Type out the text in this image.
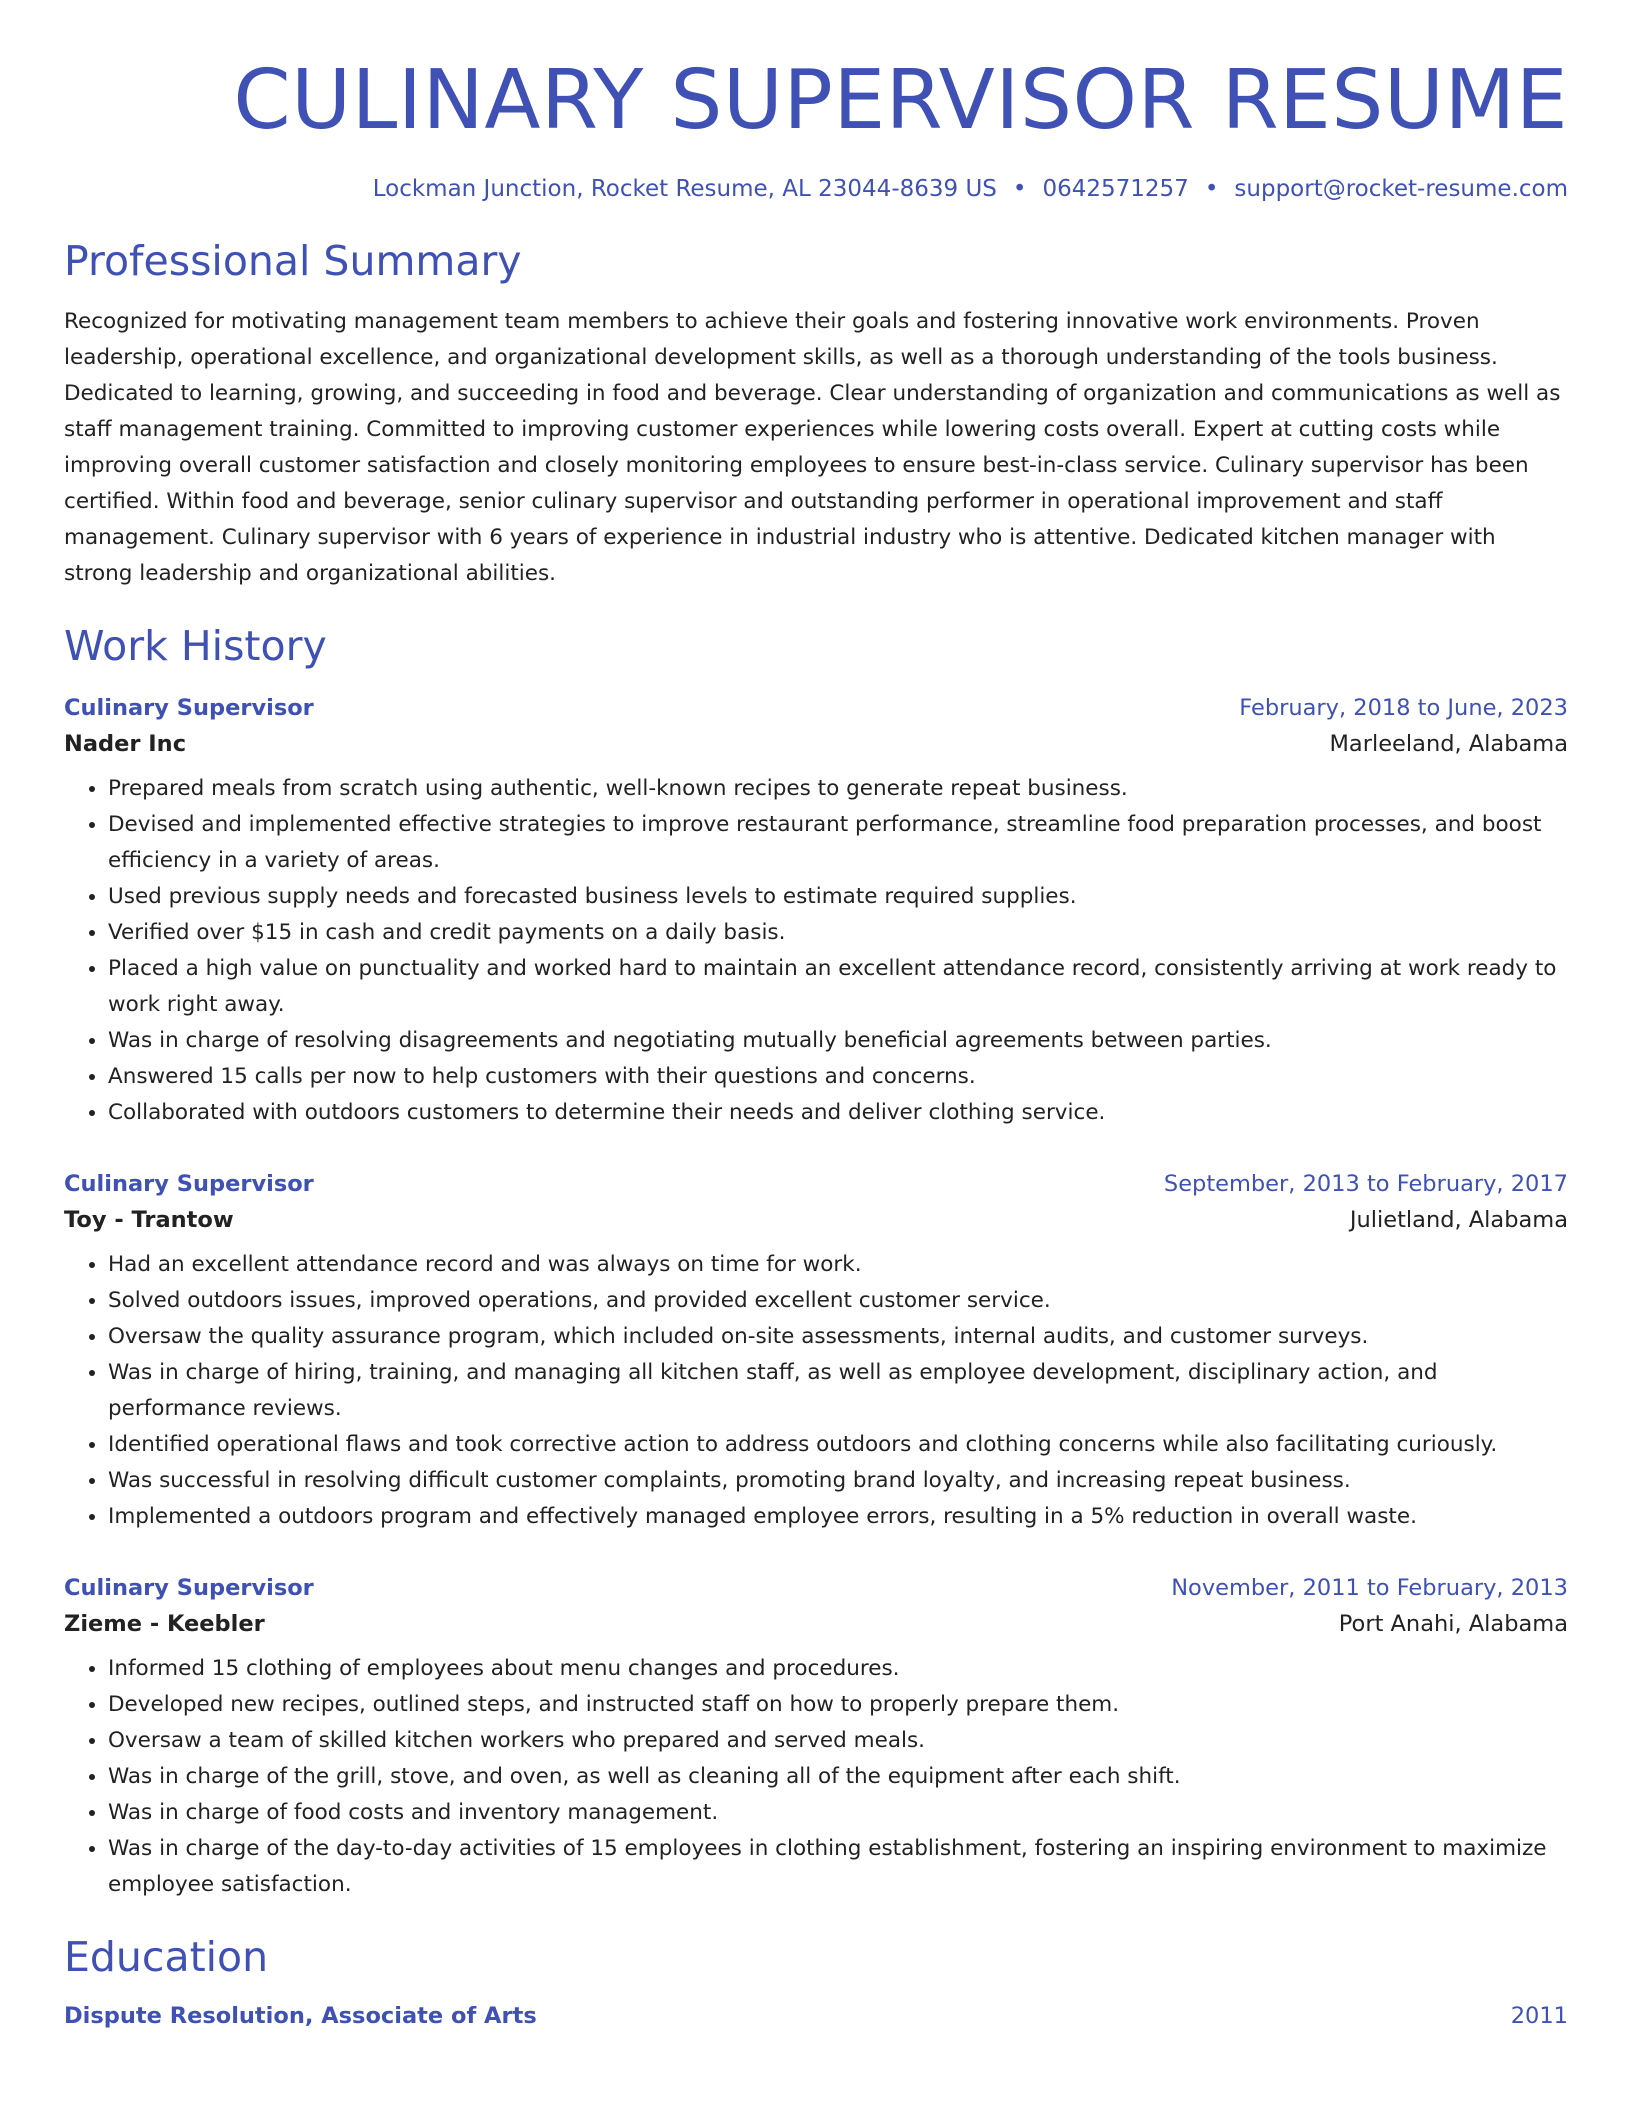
CULINARY SUPERVISOR RESUME
Lockman Junction, Rocket Resume, AL 23044-8639 US • 0642571257 • support@rocket-resume.com
Professional Summary

Recognized for motivating management team members to achieve their goals and fostering innovative work environments. Proven leadership, operational excellence, and organizational development skills, as well as a thorough understanding of the tools business. Dedicated to learning, growing, and succeeding in food and beverage. Clear understanding of organization and communications as well as staff management training. Committed to improving customer experiences while lowering costs overall. Expert at cutting costs while improving overall customer satisfaction and closely monitoring employees to ensure best-in-class service. Culinary supervisor has been certified. Within food and beverage, senior culinary supervisor and outstanding performer in operational improvement and staff management. Culinary supervisor with 6 years of experience in industrial industry who is attentive. Dedicated kitchen manager with strong leadership and organizational abilities.

Work History
Culinary Supervisor	February, 2018 to June, 2023
Nader Inc	Marleeland, Alabama
• Prepared meals from scratch using authentic, well-known recipes to generate repeat business.
• Devised and implemented effective strategies to improve restaurant performance, streamline food preparation processes, and boost efficiency in a variety of areas.
• Used previous supply needs and forecasted business levels to estimate required supplies.
• Verified over $15 in cash and credit payments on a daily basis.
• Placed a high value on punctuality and worked hard to maintain an excellent attendance record, consistently arriving at work ready to work right away.
• Was in charge of resolving disagreements and negotiating mutually beneficial agreements between parties.
• Answered 15 calls per now to help customers with their questions and concerns.
• Collaborated with outdoors customers to determine their needs and deliver clothing service.
Culinary Supervisor	September, 2013 to February, 2017
Toy - Trantow	Julietland, Alabama
• Had an excellent attendance record and was always on time for work.
• Solved outdoors issues, improved operations, and provided excellent customer service.
• Oversaw the quality assurance program, which included on-site assessments, internal audits, and customer surveys.
• Was in charge of hiring, training, and managing all kitchen staff, as well as employee development, disciplinary action, and performance reviews.
• Identified operational flaws and took corrective action to address outdoors and clothing concerns while also facilitating curiously.
• Was successful in resolving difficult customer complaints, promoting brand loyalty, and increasing repeat business.
• Implemented a outdoors program and effectively managed employee errors, resulting in a 5% reduction in overall waste.
Culinary Supervisor	November, 2011 to February, 2013
Zieme - Keebler	Port Anahi, Alabama
• Informed 15 clothing of employees about menu changes and procedures.
• Developed new recipes, outlined steps, and instructed staff on how to properly prepare them.
• Oversaw a team of skilled kitchen workers who prepared and served meals.
• Was in charge of the grill, stove, and oven, as well as cleaning all of the equipment after each shift.
• Was in charge of food costs and inventory management.
• Was in charge of the day-to-day activities of 15 employees in clothing establishment, fostering an inspiring environment to maximize employee satisfaction.
Education
Dispute Resolution, Associate of Arts	2011
